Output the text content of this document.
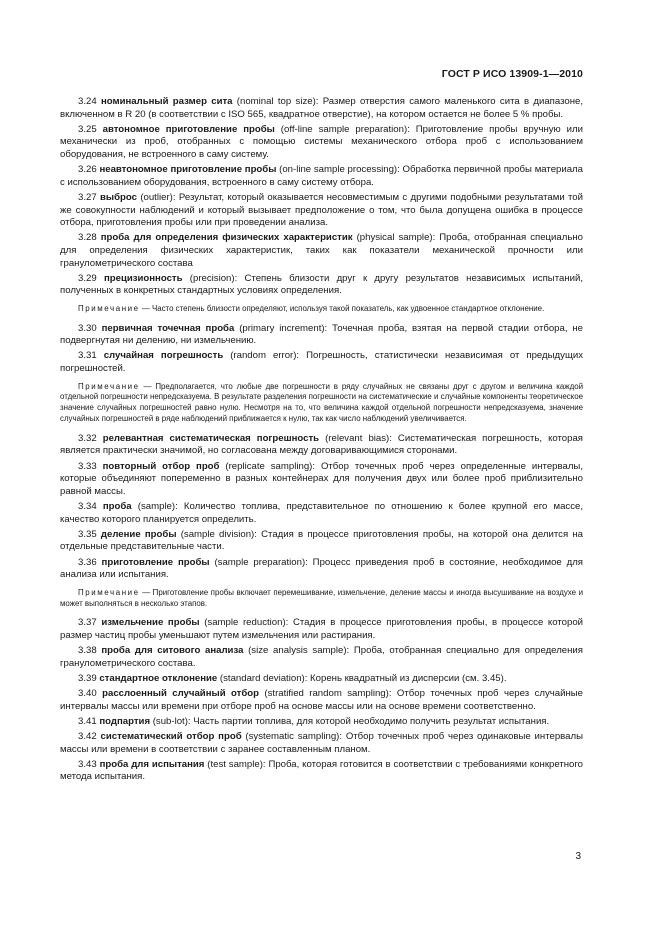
ГОСТ Р ИСО 13909-1—2010

3.24 номинальный размер сита (nominal top size): Размер отверстия самого маленького сита в диапазоне, включенном в R 20 (в соответствии с ISO 565, квадратное отверстие), на котором остается не более 5 % пробы.

3.25 автономное приготовление пробы (off-line sample preparation): Приготовление пробы вручную или механически из проб, отобранных с помощью системы механического отбора проб с использованием оборудования, не встроенного в саму систему.

3.26 неавтономное приготовление пробы (on-line sample processing): Обработка первичной пробы материала с использованием оборудования, встроенного в саму систему отбора.

3.27 выброс (outlier): Результат, который оказывается несовместимым с другими подобными результатами той же совокупности наблюдений и который вызывает предположение о том, что была допущена ошибка в процессе отбора, приготовления пробы или при проведении анализа.

3.28 проба для определения физических характеристик (physical sample): Проба, отобранная специально для определения физических характеристик, таких как показатели механической прочности или гранулометрического состава

3.29 прецизионность (precision): Степень близости друг к другу результатов независимых испытаний, полученных в конкретных стандартных условиях определения.

Примечание — Часто степень близости определяют, используя такой показатель, как удвоенное стандартное отклонение.

3.30 первичная точечная проба (primary increment): Точечная проба, взятая на первой стадии отбора, не подвергнутая ни делению, ни измельчению.

3.31 случайная погрешность (random error): Погрешность, статистически независимая от предыдущих погрешностей.

Примечание — Предполагается, что любые две погрешности в ряду случайных не связаны друг с другом и величина каждой отдельной погрешности непредсказуема. В результате разделения погрешности на систематические и случайные компоненты теоретическое значение случайных погрешностей равно нулю. Несмотря на то, что величина каждой отдельной погрешности непредсказуема, значение случайных погрешностей в ряде наблюдений приближается к нулю, так как число наблюдений увеличивается.

3.32 релевантная систематическая погрешность (relevant bias): Систематическая погрешность, которая является практически значимой, но согласована между договаривающимися сторонами.

3.33 повторный отбор проб (replicate sampling): Отбор точечных проб через определенные интервалы, которые объединяют попеременно в разных контейнерах для получения двух или более проб приблизительно равной массы.

3.34 проба (sample): Количество топлива, представительное по отношению к более крупной его массе, качество которого планируется определить.

3.35 деление пробы (sample division): Стадия в процессе приготовления пробы, на которой она делится на отдельные представительные части.

3.36 приготовление пробы (sample preparation): Процесс приведения проб в состояние, необходимое для анализа или испытания.

Примечание — Приготовление пробы включает перемешивание, измельчение, деление массы и иногда высушивание на воздухе и может выполняться в несколько этапов.

3.37 измельчение пробы (sample reduction): Стадия в процессе приготовления пробы, в процессе которой размер частиц пробы уменьшают путем измельчения или растирания.

3.38 проба для ситового анализа (size analysis sample): Проба, отобранная специально для определения гранулометрического состава.

3.39 стандартное отклонение (standard deviation): Корень квадратный из дисперсии (см. 3.45).

3.40 расслоенный случайный отбор (stratified random sampling): Отбор точечных проб через случайные интервалы массы или времени при отборе проб на основе массы или на основе времени соответственно.

3.41 подпартия (sub-lot): Часть партии топлива, для которой необходимо получить результат испытания.

3.42 систематический отбор проб (systematic sampling): Отбор точечных проб через одинаковые интервалы массы или времени в соответствии с заранее составленным планом.

3.43 проба для испытания (test sample): Проба, которая готовится в соответствии с требованиями конкретного метода испытания.

3
